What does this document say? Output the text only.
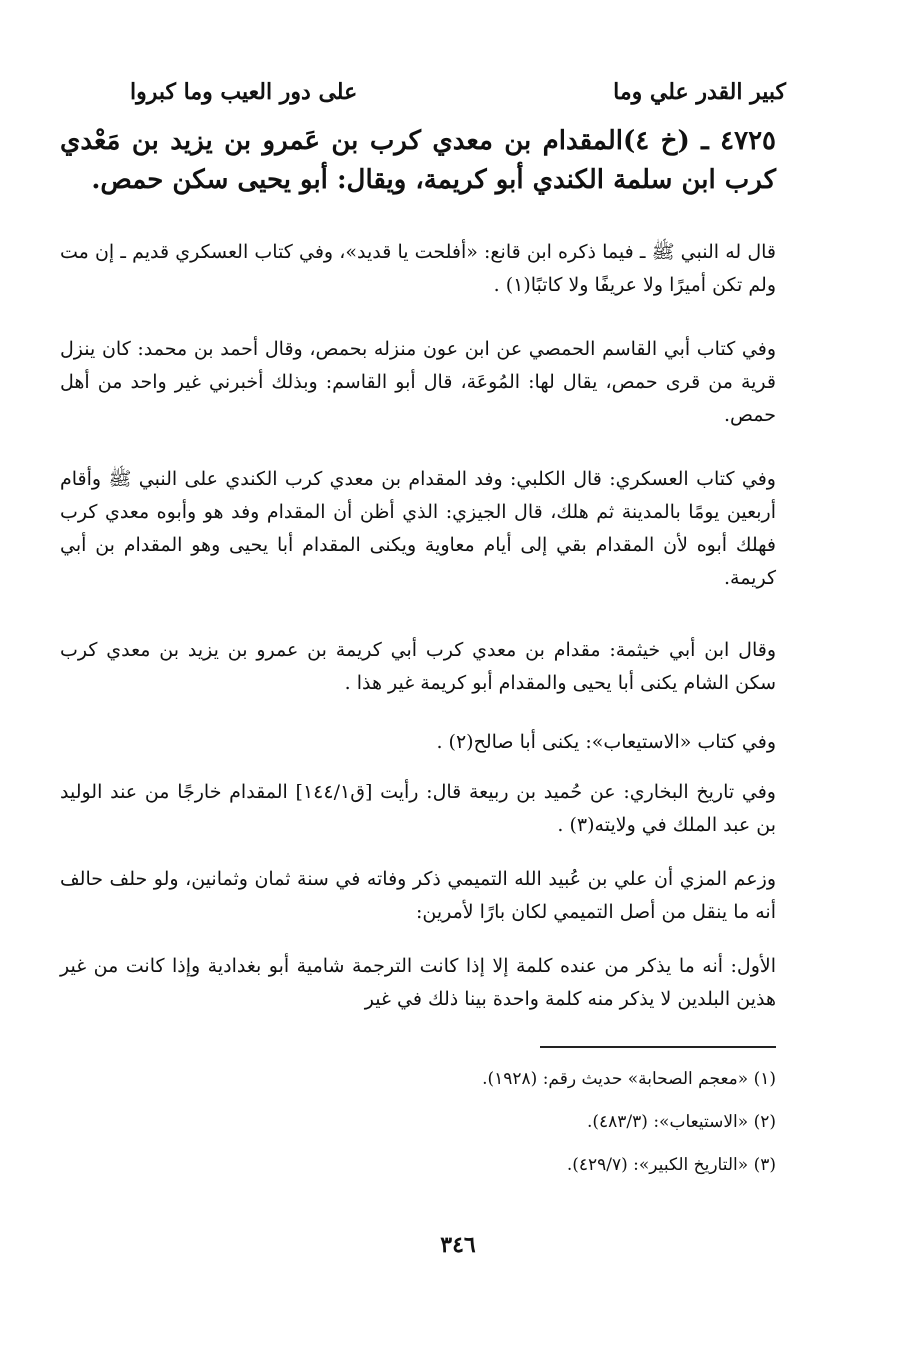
كبير القدر علي وما
على دور العيب وما كبروا
٤٧٢٥ ـ (خ ٤)المقدام بن معدي كرب بن عَمرو بن يزيد بن مَعْدي كرب ابن سلمة الكندي أبو كريمة، ويقال: أبو يحيى سكن حمص.
قال له النبي ﷺ ـ فيما ذكره ابن قانع: «أفلحت يا قديد»، وفي كتاب العسكري قديم ـ إن مت ولم تكن أميرًا ولا عريفًا ولا كاتبًا(١) .
وفي كتاب أبي القاسم الحمصي عن ابن عون منزله بحمص، وقال أحمد بن محمد: كان ينزل قرية من قرى حمص، يقال لها: المُوعَة، قال أبو القاسم: وبذلك أخبرني غير واحد من أهل حمص.
وفي كتاب العسكري: قال الكلبي: وفد المقدام بن معدي كرب الكندي على النبي ﷺ وأقام أربعين يومًا بالمدينة ثم هلك، قال الجيزي: الذي أظن أن المقدام وفد هو وأبوه معدي كرب فهلك أبوه لأن المقدام بقي إلى أيام معاوية ويكنى المقدام أبا يحيى وهو المقدام بن أبي كريمة.
وقال ابن أبي خيثمة: مقدام بن معدي كرب أبي كريمة بن عمرو بن يزيد بن معدي كرب سكن الشام يكنى أبا يحيى والمقدام أبو كريمة غير هذا .
وفي كتاب «الاستيعاب»: يكنى أبا صالح(٢) .
وفي تاريخ البخاري: عن حُميد بن ربيعة قال: رأيت [ق١٤٤/١] المقدام خارجًا من عند الوليد بن عبد الملك في ولايته(٣) .
وزعم المزي أن علي بن عُبيد الله التميمي ذكر وفاته في سنة ثمان وثمانين، ولو حلف حالف أنه ما ينقل من أصل التميمي لكان بارًا لأمرين:
الأول: أنه ما يذكر من عنده كلمة إلا إذا كانت الترجمة شامية أبو بغدادية وإذا كانت من غير هذين البلدين لا يذكر منه كلمة واحدة بينا ذلك في غير
(١) «معجم الصحابة» حديث رقم: (١٩٢٨).
(٢) «الاستيعاب»: (٤٨٣/٣).
(٣) «التاريخ الكبير»: (٤٢٩/٧).
٣٤٦
